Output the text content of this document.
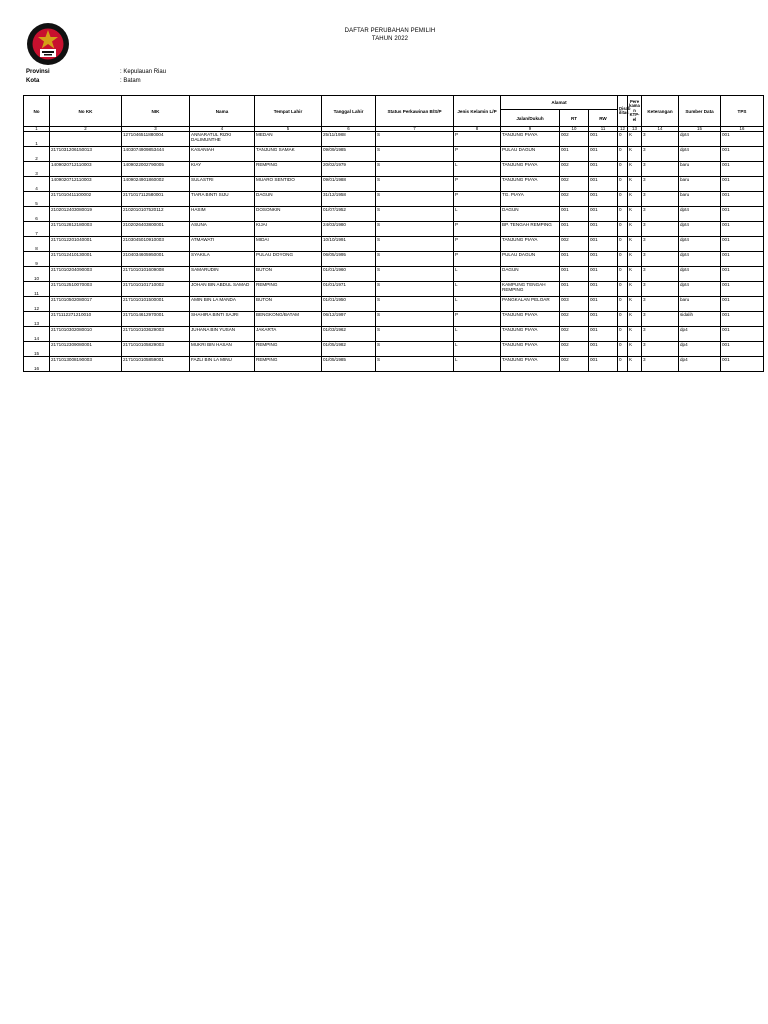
DAFTAR PERUBAHAN PEMILIH
TAHUN 2022
Provinsi	: Kepulauan Riau
Kota	: Batam
No	No KK	NIK	Nama	Tempat Lahir	Tanggal Lahir	Status Perkawinan B/S/P	Jenis Kelamin L/P	Alamat			Disab ilitas	Pere kama n KTP-el	Keterangan	Sumber Data	TPS
								Jalan/Dukuh	RT	RW					
1	2	3	4	5	6	7	8	9	10	11	12	13	14	15	16
1		1271046511880004	ANNARATUL RIZKI DALIMUNTHE	MEDAN	25/11/1988	S	P	TANJUNG PIAYA	002	001	0	K	3	dpt4	001
2	2171031206150013	1403074909853444	KASANIAH	TANJUNG SAMAK	09/09/1985	S	P	PULAU DAGUN	001	001	0	K	3	dpt4	001
3	1409020712110003	1409022002790005	KIAY	REMPING	20/02/1979	S	L	TANJUNG PIAYA	002	001	0	K	3	baru	001
4	1409020712110003	1409024901860002	SULASTRI	MUARO SENTIDO	09/01/1988	S	P	TANJUNG PIAYA	002	001	0	K	3	baru	001
5	2171010411100002	2171017112580001	TIARA BINTI SIJU	DAGUN	31/12/1958	S	P	TG. PIAYA	002	001	0	K	3	baru	001
6	2102012403080019	2102010107520112	HASIM	DOSONKIN	01/07/1952	S	L	DAGUN	001	001	0	K	3	dpt4	001
7	2171012812180003	2102026403800001	ASUNA	KIJAI	24/03/1980	S	P	BP. TENGAH REMPING	001	001	0	K	3	dpt4	001
8	2171012201040001	2103045010910003	ATMAWATI	MIDAI	10/10/1991	S	P	TANJUNG PIAYA	002	001	0	K	3	dpt4	001
9	2171012410130001	2104034605950001	SYAKILA	PULAU DOYONG	06/05/1995	S	P	PULAU DAGUN	001	001	0	K	3	dpt4	001
10	2171010204090003	2171010101609008	SAMARUDIN	BUTON	01/01/1960	S	L	DAGUN	001	001	0	K	3	dpt4	001
11	2171012510070003	2171010101710002	JOHAN BIN ABDUL SAMAD	REMPING	01/01/1971	S	L	KAMPUNG TENGAH REMPING	001	001	0	K	3	dpt4	001
12	2171010502080017	2171010101500001	AMIN BIN LA MANDA	BUTON	01/01/1950	S	L	PANGKALAN PELOAR	003	001	0	K	3	baru	001
13	2171112271210010	2171014612970001	SHAHIRA BINTI SAJRI	BENGKONG/BATAM	06/12/1997	S	P	TANJUNG PIAYA	002	001	0	K	3	sidalih	001
14	2171010302080010	2171010103629003	JUHANA BIN YUSAN	JAKARTA	01/03/1962	S	L	TANJUNG PIAYA	002	001	0	K	3	dp4	001
15	2171012309080001	2171010105829003	MUKRI BIN HASAN	REMPING	01/05/1982	S	L	TANJUNG PIAYA	002	001	0	K	3	dp4	001
16	2171013008190003	2171010105859001	FAZLI BIN LA MINU	REMPING	01/05/1985	S	L	TANJUNG PIAYA	002	001	0	K	3	dp4	001
